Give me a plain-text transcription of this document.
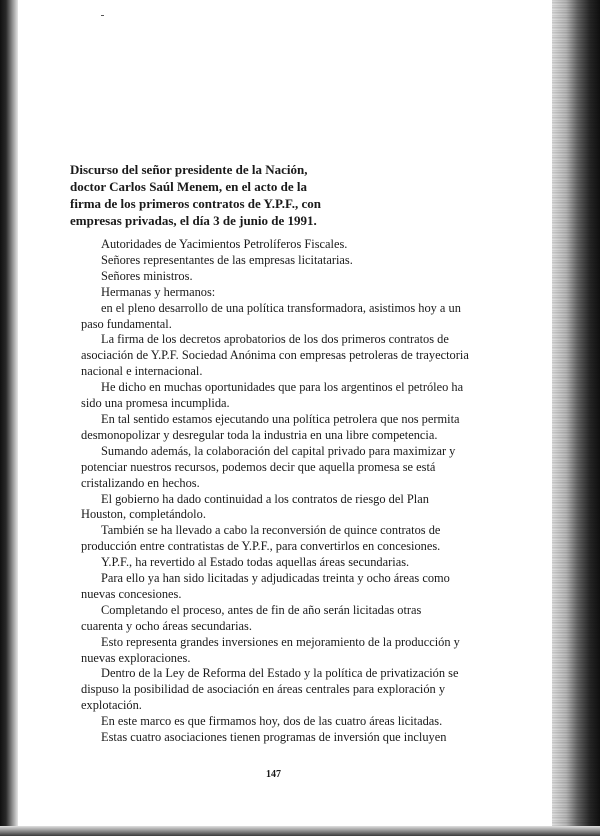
Discurso del señor presidente de la Nación,
doctor Carlos Saúl Menem, en el acto de la
firma de los primeros contratos de Y.P.F., con
empresas privadas, el día 3 de junio de 1991.
Autoridades de Yacimientos Petrolíferos Fiscales.
Señores representantes de las empresas licitatarias.
Señores ministros.
Hermanas y hermanos:
en el pleno desarrollo de una política transformadora, asistimos hoy a un
paso fundamental.
La firma de los decretos aprobatorios de los dos primeros contratos de
asociación de Y.P.F. Sociedad Anónima con empresas petroleras de trayectoria
nacional e internacional.
He dicho en muchas oportunidades que para los argentinos el petróleo ha
sido una promesa incumplida.
En tal sentido estamos ejecutando una política petrolera que nos permita
desmonopolizar y desregular toda la industria en una libre competencia.
Sumando además, la colaboración del capital privado para maximizar y
potenciar nuestros recursos, podemos decir que aquella promesa se está
cristalizando en hechos.
El gobierno ha dado continuidad a los contratos de riesgo del Plan
Houston, completándolo.
También se ha llevado a cabo la reconversión de quince contratos de
producción entre contratistas de Y.P.F., para convertirlos en concesiones.
Y.P.F., ha revertido al Estado todas aquellas áreas secundarias.
Para ello ya han sido licitadas y adjudicadas treinta y ocho áreas como
nuevas concesiones.
Completando el proceso, antes de fin de año serán licitadas otras
cuarenta y ocho áreas secundarias.
Esto representa grandes inversiones en mejoramiento de la producción y
nuevas exploraciones.
Dentro de la Ley de Reforma del Estado y la política de privatización se
dispuso la posibilidad de asociación en áreas centrales para exploración y
explotación.
En este marco es que firmamos hoy, dos de las cuatro áreas licitadas.
Estas cuatro asociaciones tienen programas de inversión que incluyen
147
